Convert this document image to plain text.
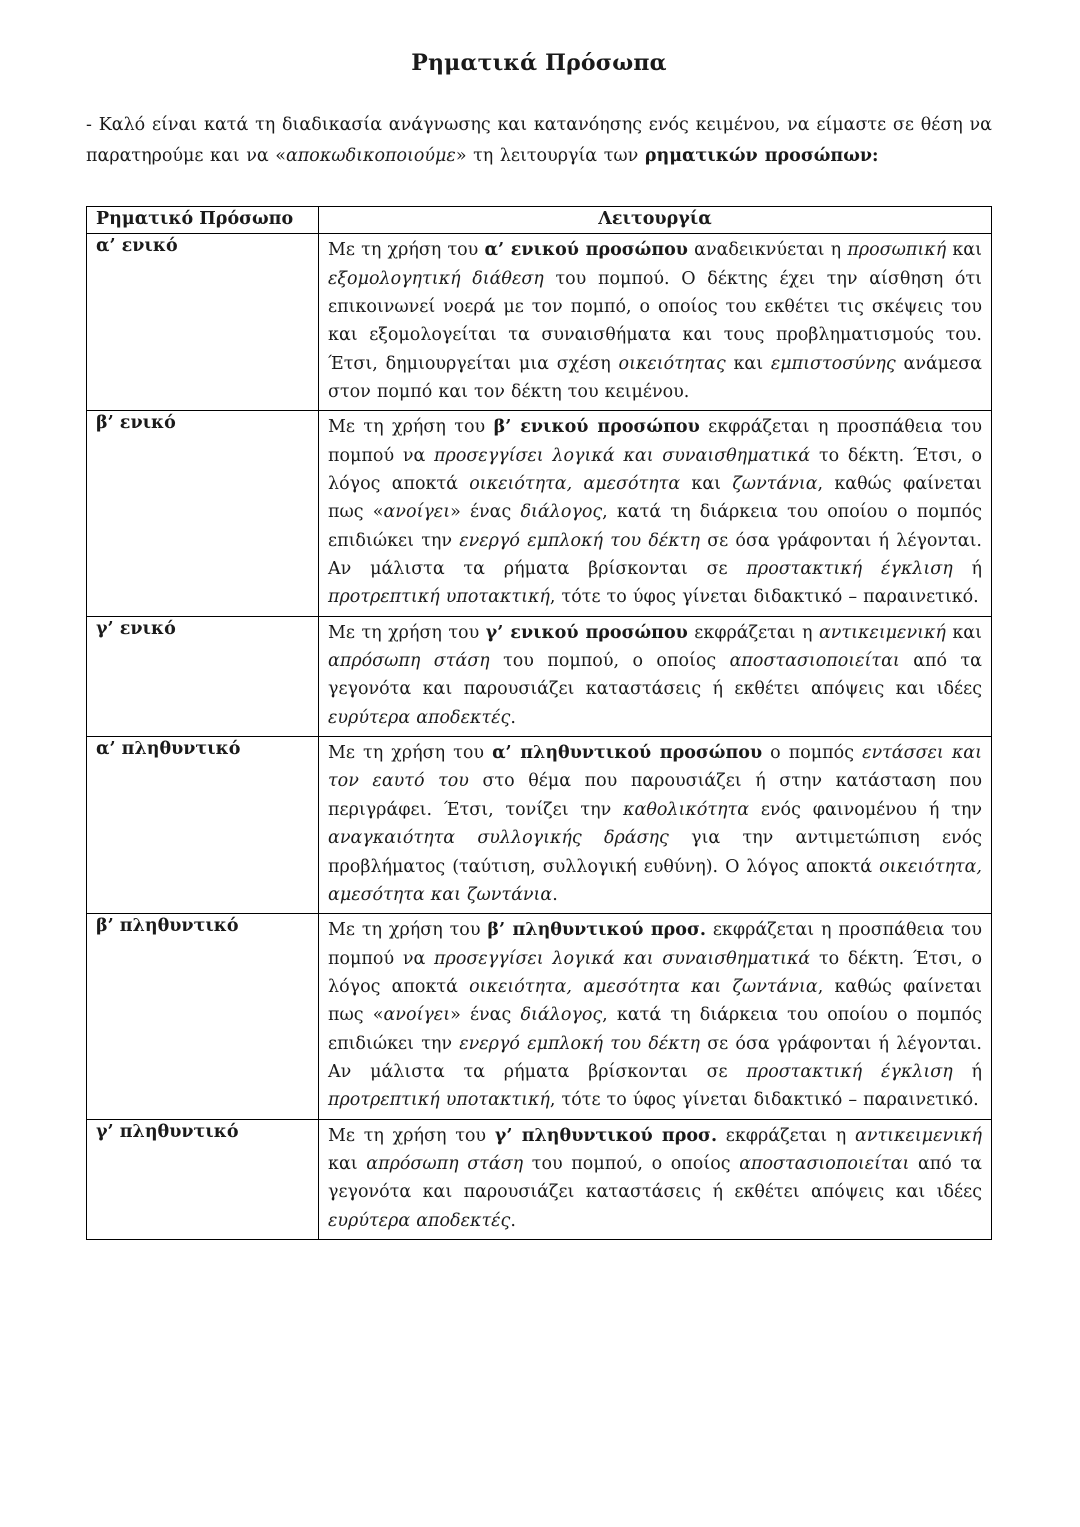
Ρηματικά Πρόσωπα

- Καλό είναι κατά τη διαδικασία ανάγνωσης και κατανόησης ενός κειμένου, να είμαστε σε θέση να παρατηρούμε και να «αποκωδικοποιούμε» τη λειτουργία των ρηματικών προσώπων:

Ρηματικό Πρόσωπο	Λειτουργία
α’ ενικό	Με τη χρήση του α’ ενικού προσώπου αναδεικνύεται η προσωπική και εξομολογητική διάθεση του πομπού. Ο δέκτης έχει την αίσθηση ότι επικοινωνεί νοερά με τον πομπό, ο οποίος του εκθέτει τις σκέψεις του και εξομολογείται τα συναισθήματα και τους προβληματισμούς του. Έτσι, δημιουργείται μια σχέση οικειότητας και εμπιστοσύνης ανάμεσα στον πομπό και τον δέκτη του κειμένου.
β’ ενικό	Με τη χρήση του β’ ενικού προσώπου εκφράζεται η προσπάθεια του πομπού να προσεγγίσει λογικά και συναισθηματικά το δέκτη. Έτσι, ο λόγος αποκτά οικειότητα, αμεσότητα και ζωντάνια, καθώς φαίνεται πως «ανοίγει» ένας διάλογος, κατά τη διάρκεια του οποίου ο πομπός επιδιώκει την ενεργό εμπλοκή του δέκτη σε όσα γράφονται ή λέγονται. Αν μάλιστα τα ρήματα βρίσκονται σε προστακτική έγκλιση ή προτρεπτική υποτακτική, τότε το ύφος γίνεται διδακτικό – παραινετικό.
γ’ ενικό	Με τη χρήση του γ’ ενικού προσώπου εκφράζεται η αντικειμενική και απρόσωπη στάση του πομπού, ο οποίος αποστασιοποιείται από τα γεγονότα και παρουσιάζει καταστάσεις ή εκθέτει απόψεις και ιδέες ευρύτερα αποδεκτές.
α’ πληθυντικό	Με τη χρήση του α’ πληθυντικού προσώπου ο πομπός εντάσσει και τον εαυτό του στο θέμα που παρουσιάζει ή στην κατάσταση που περιγράφει. Έτσι, τονίζει την καθολικότητα ενός φαινομένου ή την αναγκαιότητα συλλογικής δράσης για την αντιμετώπιση ενός προβλήματος (ταύτιση, συλλογική ευθύνη). Ο λόγος αποκτά οικειότητα, αμεσότητα και ζωντάνια.
β’ πληθυντικό	Με τη χρήση του β’ πληθυντικού προσ. εκφράζεται η προσπάθεια του πομπού να προσεγγίσει λογικά και συναισθηματικά το δέκτη. Έτσι, ο λόγος αποκτά οικειότητα, αμεσότητα και ζωντάνια, καθώς φαίνεται πως «ανοίγει» ένας διάλογος, κατά τη διάρκεια του οποίου ο πομπός επιδιώκει την ενεργό εμπλοκή του δέκτη σε όσα γράφονται ή λέγονται. Αν μάλιστα τα ρήματα βρίσκονται σε προστακτική έγκλιση ή προτρεπτική υποτακτική, τότε το ύφος γίνεται διδακτικό – παραινετικό.
γ’ πληθυντικό	Με τη χρήση του γ’ πληθυντικού προσ. εκφράζεται η αντικειμενική και απρόσωπη στάση του πομπού, ο οποίος αποστασιοποιείται από τα γεγονότα και παρουσιάζει καταστάσεις ή εκθέτει απόψεις και ιδέες ευρύτερα αποδεκτές.
